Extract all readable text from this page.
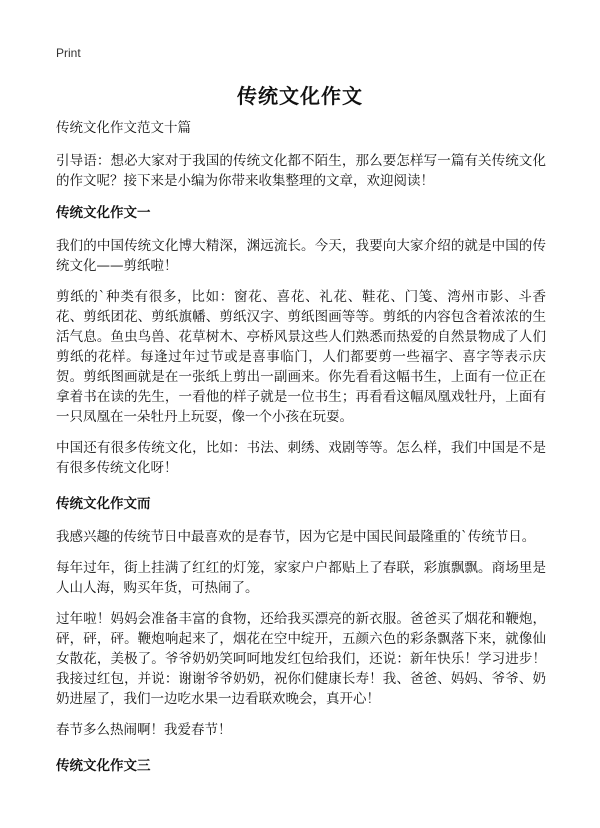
Print
传统文化作文
传统文化作文范文十篇

引导语：想必大家对于我国的传统文化都不陌生，那么要怎样写一篇有关传统文化的作文呢？接下来是小编为你带来收集整理的文章，欢迎阅读！

传统文化作文一

我们的中国传统文化博大精深，渊远流长。今天，我要向大家介绍的就是中国的传统文化——剪纸啦！

剪纸的`种类有很多，比如：窗花、喜花、礼花、鞋花、门笺、湾州市影、斗香花、剪纸团花、剪纸旗幡、剪纸汉字、剪纸图画等等。剪纸的内容包含着浓浓的生活气息。鱼虫鸟兽、花草树木、亭桥风景这些人们熟悉而热爱的自然景物成了人们剪纸的花样。每逢过年过节或是喜事临门，人们都要剪一些福字、喜字等表示庆贺。剪纸图画就是在一张纸上剪出一副画来。你先看看这幅书生，上面有一位正在拿着书在读的先生，一看他的样子就是一位书生；再看看这幅凤凰戏牡丹，上面有一只凤凰在一朵牡丹上玩耍，像一个小孩在玩耍。

中国还有很多传统文化，比如：书法、刺绣、戏剧等等。怎么样，我们中国是不是有很多传统文化呀！

传统文化作文而

我感兴趣的传统节日中最喜欢的是春节，因为它是中国民间最隆重的`传统节日。

每年过年，街上挂满了红红的灯笼，家家户户都贴上了春联，彩旗飘飘。商场里是人山人海，购买年货，可热闹了。

过年啦！妈妈会准备丰富的食物，还给我买漂亮的新衣服。爸爸买了烟花和鞭炮，砰，砰，砰。鞭炮响起来了，烟花在空中绽开，五颜六色的彩条飘落下来，就像仙女散花，美极了。爷爷奶奶笑呵呵地发红包给我们，还说：新年快乐！学习进步！我接过红包，并说：谢谢爷爷奶奶，祝你们健康长寿！我、爸爸、妈妈、爷爷、奶奶进屋了，我们一边吃水果一边看联欢晚会，真开心！

春节多么热闹啊！我爱春节！

传统文化作文三
